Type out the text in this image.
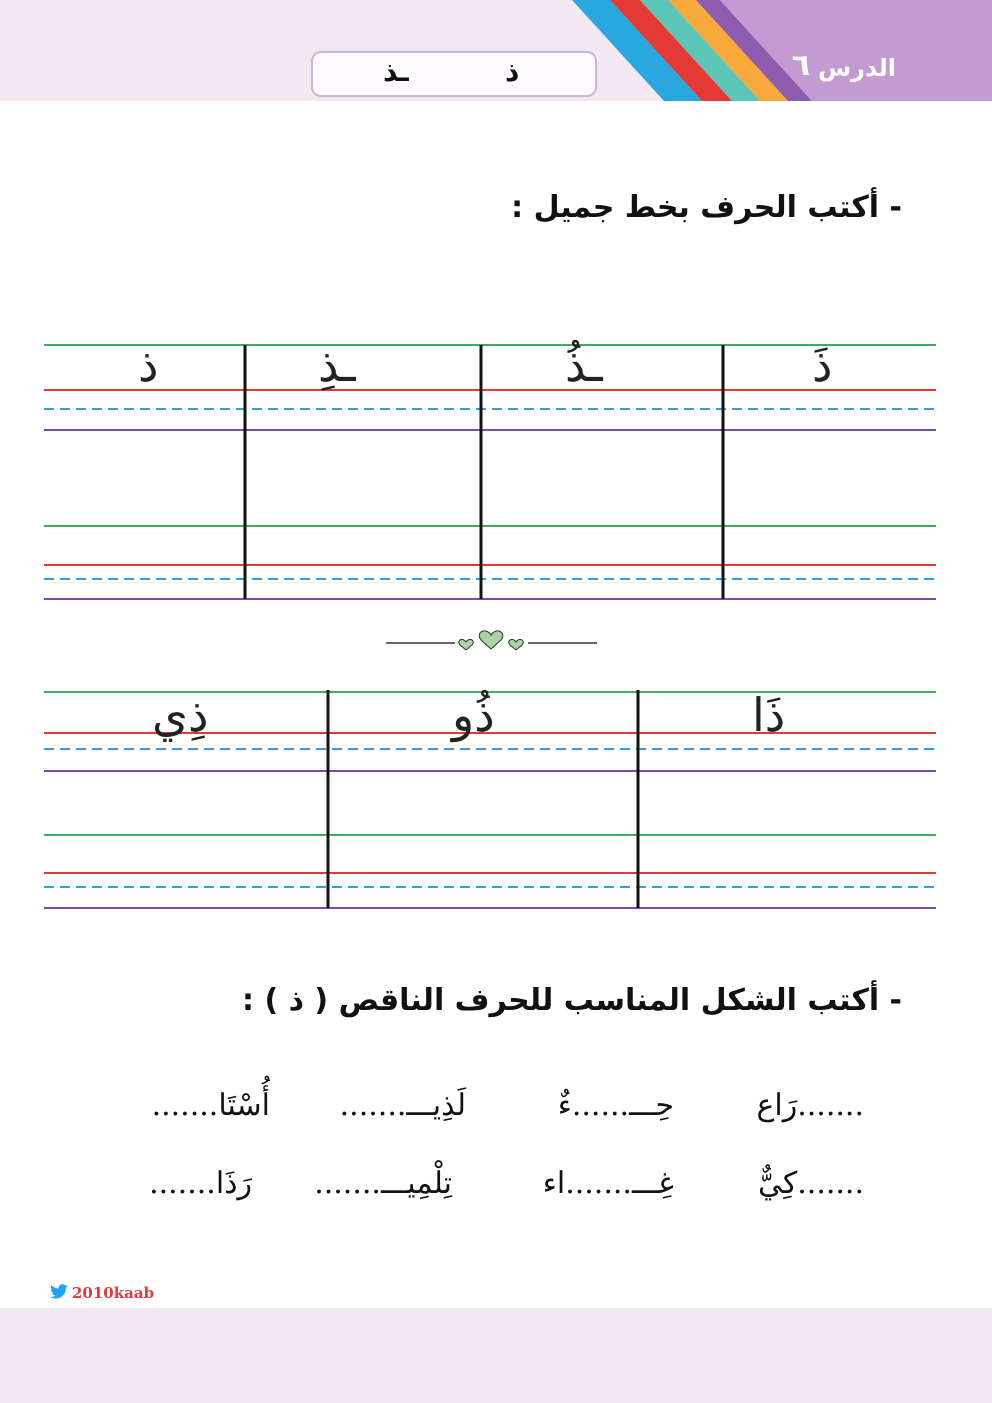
الدرس
٦
ذ
ـذ
- أكتب الحرف بخط جميل :
ذَ
ـذُ
ـذِ
ذ
ذَا
ذُو
ذِي
- أكتب الشكل المناسب للحرف الناقص ( ذ ) :
.......رَاع
حِـــ......ءٌ
لَذِيـــ.......
أُسْتَا.......
.......كِيٌّ
غِـــ.......اء
تِلْمِيـــ.......
رَذَا.......
2010kaab
